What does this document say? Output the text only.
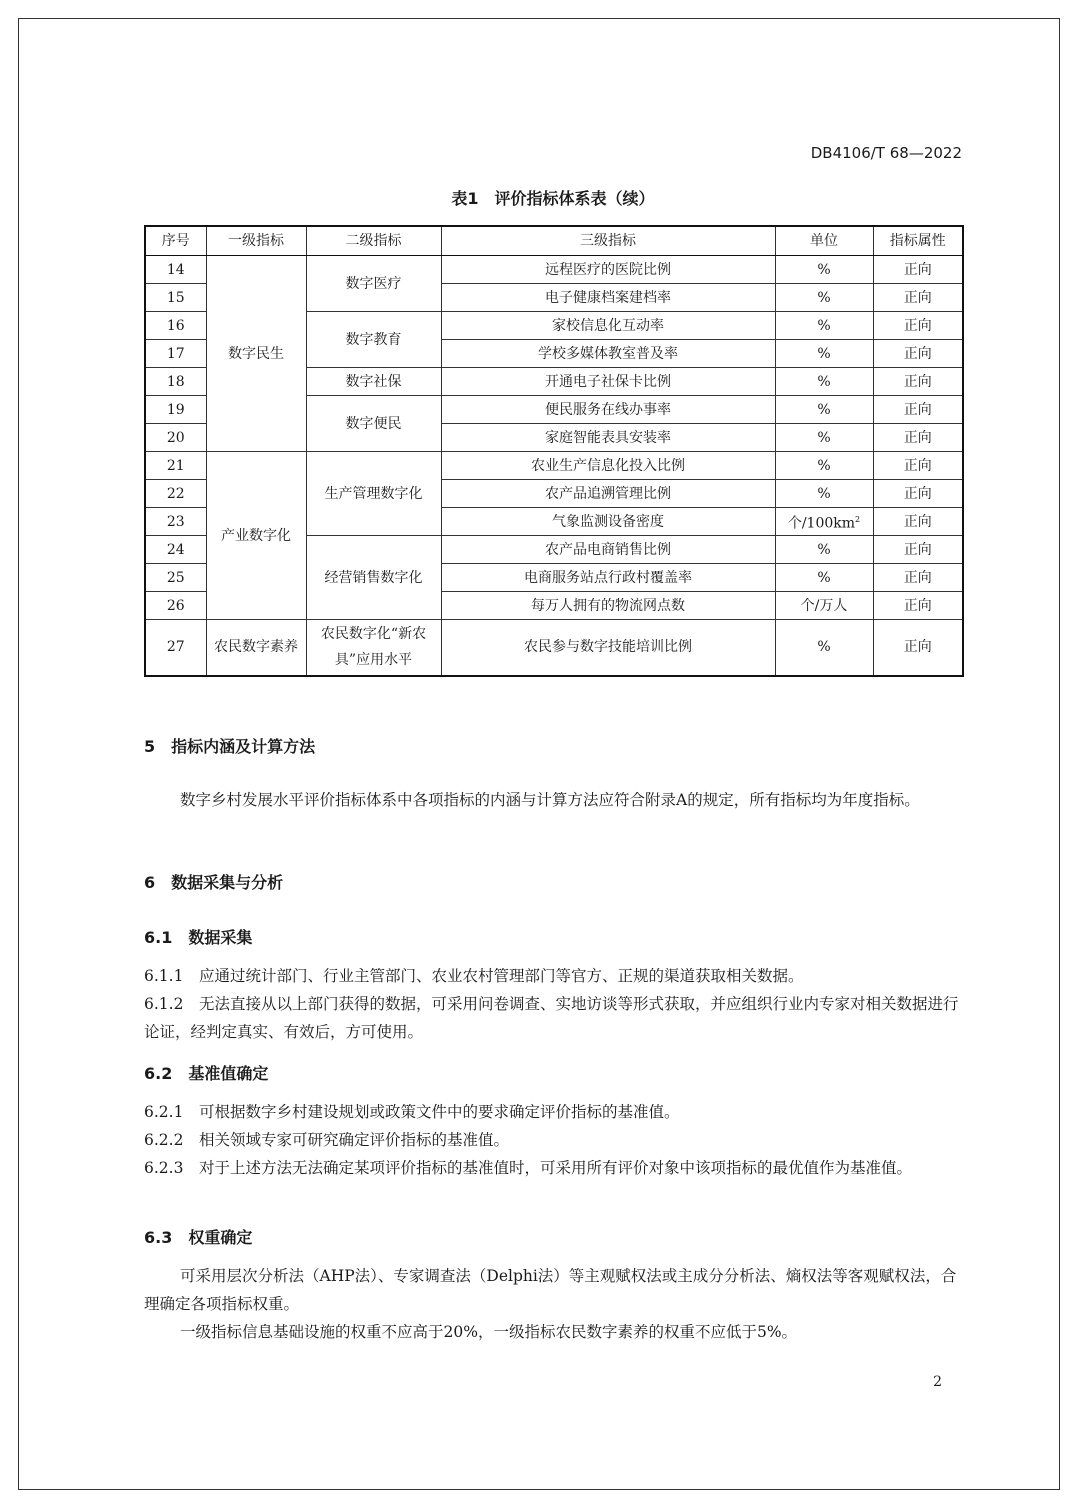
DB4106/T 68—2022
表1　评价指标体系表（续）
序号	一级指标	二级指标	三级指标	单位	指标属性
14	数字民生	数字医疗	远程医疗的医院比例	%	正向
15			电子健康档案建档率	%	正向
16		数字教育	家校信息化互动率	%	正向
17			学校多媒体教室普及率	%	正向
18		数字社保	开通电子社保卡比例	%	正向
19		数字便民	便民服务在线办事率	%	正向
20			家庭智能表具安装率	%	正向
21	产业数字化	生产管理数字化	农业生产信息化投入比例	%	正向
22			农产品追溯管理比例	%	正向
23			气象监测设备密度	个$/100km^2$	正向
24		经营销售数字化	农产品电商销售比例	%	正向
25			电商服务站点行政村覆盖率	%	正向
26			每万人拥有的物流网点数	个/万人	正向
27	农民数字素养	农民数字化“新农具”应用水平	农民参与数字技能培训比例	%	正向
5　指标内涵及计算方法
数字乡村发展水平评价指标体系中各项指标的内涵与计算方法应符合附录A的规定，所有指标均为年度指标。
6　数据采集与分析
6.1　数据采集
6.1.1　应通过统计部门、行业主管部门、农业农村管理部门等官方、正规的渠道获取相关数据。
6.1.2　无法直接从以上部门获得的数据，可采用问卷调查、实地访谈等形式获取，并应组织行业内专家对相关数据进行论证，经判定真实、有效后，方可使用。
6.2　基准值确定
6.2.1　可根据数字乡村建设规划或政策文件中的要求确定评价指标的基准值。
6.2.2　相关领域专家可研究确定评价指标的基准值。
6.2.3　对于上述方法无法确定某项评价指标的基准值时，可采用所有评价对象中该项指标的最优值作为基准值。
6.3　权重确定
可采用层次分析法（AHP法）、专家调查法（Delphi法）等主观赋权法或主成分分析法、熵权法等客观赋权法，合理确定各项指标权重。
一级指标信息基础设施的权重不应高于20%，一级指标农民数字素养的权重不应低于5%。
2
